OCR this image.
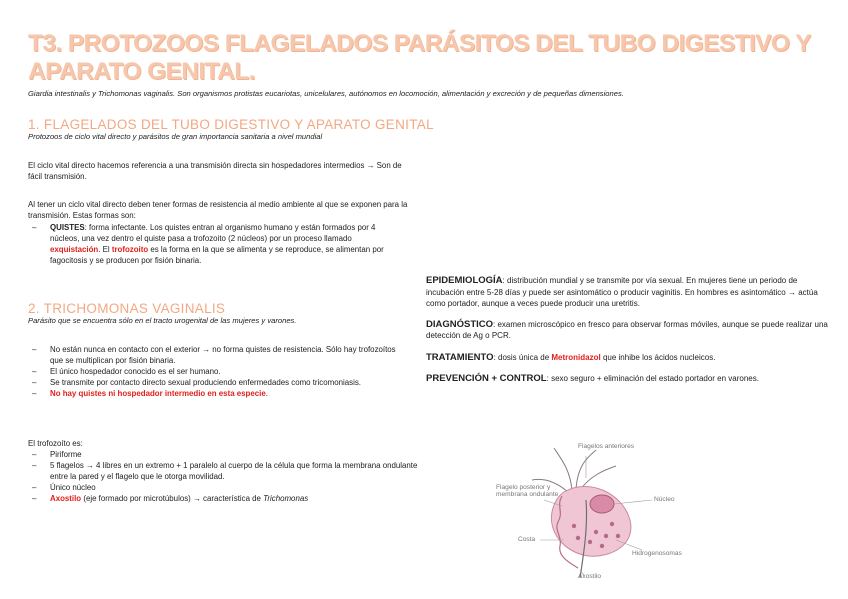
T3. PROTOZOOS FLAGELADOS PARÁSITOS DEL TUBO DIGESTIVO Y APARATO GENITAL.
Giardia intestinalis y Trichomonas vaginalis. Son organismos protistas eucariotas, unicelulares, autónomos en locomoción, alimentación y excreción y de pequeñas dimensiones.
1. FLAGELADOS DEL TUBO DIGESTIVO Y APARATO GENITAL
Protozoos de ciclo vital directo y parásitos de gran importancia sanitaria a nivel mundial
El ciclo vital directo hacemos referencia a una transmisión directa sin hospedadores intermedios → Son de fácil transmisión.
Al tener un ciclo vital directo deben tener formas de resistencia al medio ambiente al que se exponen para la transmisión. Estas formas son:
– QUISTES: forma infectante. Los quistes entran al organismo humano y están formados por 4 núcleos, una vez dentro el quiste pasa a trofozoito (2 núcleos) por un proceso llamado exquistación. El trofozoito es la forma en la que se alimenta y se reproduce, se alimentan por fagocitosis y se producen por fisión binaria.
2. TRICHOMONAS VAGINALIS
Parásito que se encuentra sólo en el tracto urogenital de las mujeres y varones.
– No están nunca en contacto con el exterior → no forma quistes de resistencia. Sólo hay trofozoítos que se multiplican por fisión binaria.
– El único hospedador conocido es el ser humano.
– Se transmite por contacto directo sexual produciendo enfermedades como tricomoniasis.
– No hay quistes ni hospedador intermedio en esta especie.
El trofozoíto es:
– Piriforme
– 5 flagelos → 4 libres en un extremo + 1 paralelo al cuerpo de la célula que forma la membrana ondulante entre la pared y el flagelo que le otorga movilidad.
– Único núcleo
– Axostilo (eje formado por microtúbulos) → característica de Trichomonas
EPIDEMIOLOGÍA: distribución mundial y se transmite por vía sexual. En mujeres tiene un periodo de incubación entre 5-28 días y puede ser asintomático o producir vaginitis. En hombres es asintomático → actúa como portador, aunque a veces puede producir una uretritis.
DIAGNÓSTICO: examen microscópico en fresco para observar formas móviles, aunque se puede realizar una detección de Ag o PCR.
TRATAMIENTO: dosis única de Metronidazol que inhibe los ácidos nucleicos.
PREVENCIÓN + CONTROL: sexo seguro + eliminación del estado portador en varones.
Flagelos anteriores
Flagelo posterior y membrana ondulante
Núcleo
Costa
Hidrogenosomas
Axostilo
